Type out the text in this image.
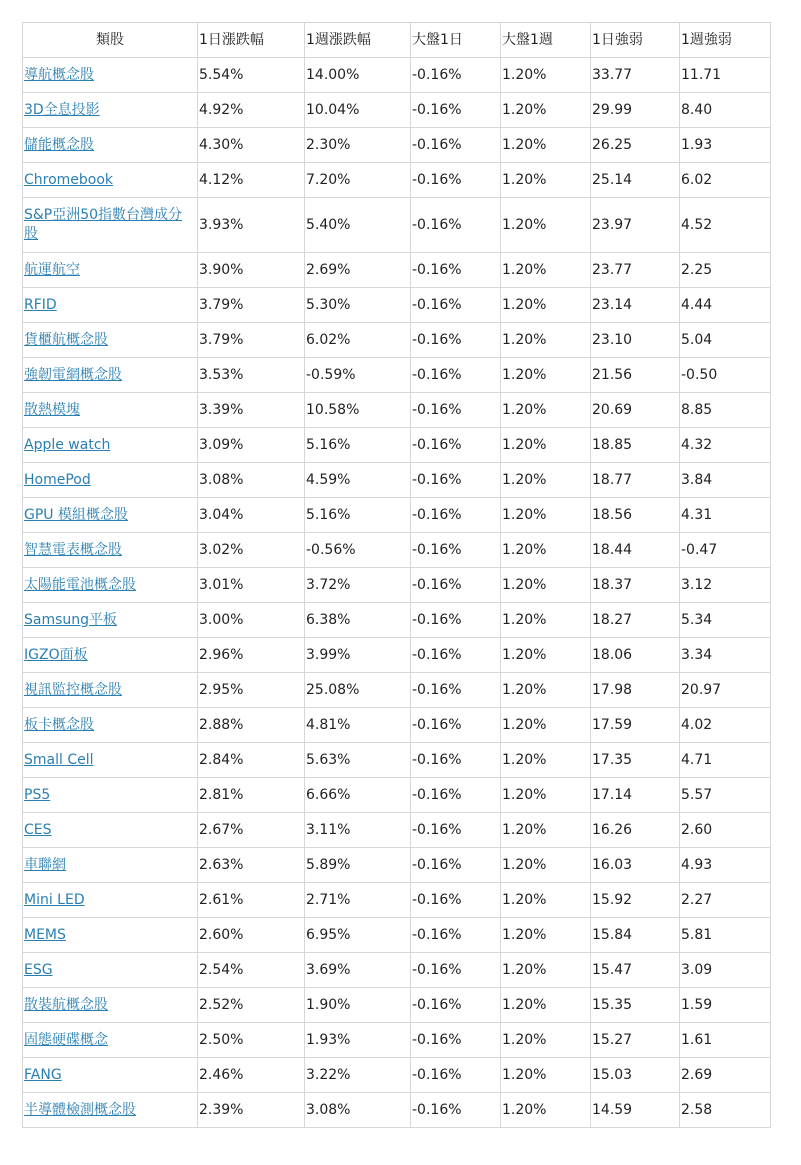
類股	1日漲跌幅	1週漲跌幅	大盤1日	大盤1週	1日強弱	1週強弱
導航概念股	5.54%	14.00%	-0.16%	1.20%	33.77	11.71
3D全息投影	4.92%	10.04%	-0.16%	1.20%	29.99	8.40
儲能概念股	4.30%	2.30%	-0.16%	1.20%	26.25	1.93
Chromebook	4.12%	7.20%	-0.16%	1.20%	25.14	6.02
S&P亞洲50指數台灣成分股	3.93%	5.40%	-0.16%	1.20%	23.97	4.52
航運航空	3.90%	2.69%	-0.16%	1.20%	23.77	2.25
RFID	3.79%	5.30%	-0.16%	1.20%	23.14	4.44
貨櫃航概念股	3.79%	6.02%	-0.16%	1.20%	23.10	5.04
強韌電網概念股	3.53%	-0.59%	-0.16%	1.20%	21.56	-0.50
散熱模塊	3.39%	10.58%	-0.16%	1.20%	20.69	8.85
Apple watch	3.09%	5.16%	-0.16%	1.20%	18.85	4.32
HomePod	3.08%	4.59%	-0.16%	1.20%	18.77	3.84
GPU 模組概念股	3.04%	5.16%	-0.16%	1.20%	18.56	4.31
智慧電表概念股	3.02%	-0.56%	-0.16%	1.20%	18.44	-0.47
太陽能電池概念股	3.01%	3.72%	-0.16%	1.20%	18.37	3.12
Samsung平板	3.00%	6.38%	-0.16%	1.20%	18.27	5.34
IGZO面板	2.96%	3.99%	-0.16%	1.20%	18.06	3.34
視訊監控概念股	2.95%	25.08%	-0.16%	1.20%	17.98	20.97
板卡概念股	2.88%	4.81%	-0.16%	1.20%	17.59	4.02
Small Cell	2.84%	5.63%	-0.16%	1.20%	17.35	4.71
PS5	2.81%	6.66%	-0.16%	1.20%	17.14	5.57
CES	2.67%	3.11%	-0.16%	1.20%	16.26	2.60
車聯網	2.63%	5.89%	-0.16%	1.20%	16.03	4.93
Mini LED	2.61%	2.71%	-0.16%	1.20%	15.92	2.27
MEMS	2.60%	6.95%	-0.16%	1.20%	15.84	5.81
ESG	2.54%	3.69%	-0.16%	1.20%	15.47	3.09
散裝航概念股	2.52%	1.90%	-0.16%	1.20%	15.35	1.59
固態硬碟概念	2.50%	1.93%	-0.16%	1.20%	15.27	1.61
FANG	2.46%	3.22%	-0.16%	1.20%	15.03	2.69
半導體檢測概念股	2.39%	3.08%	-0.16%	1.20%	14.59	2.58
